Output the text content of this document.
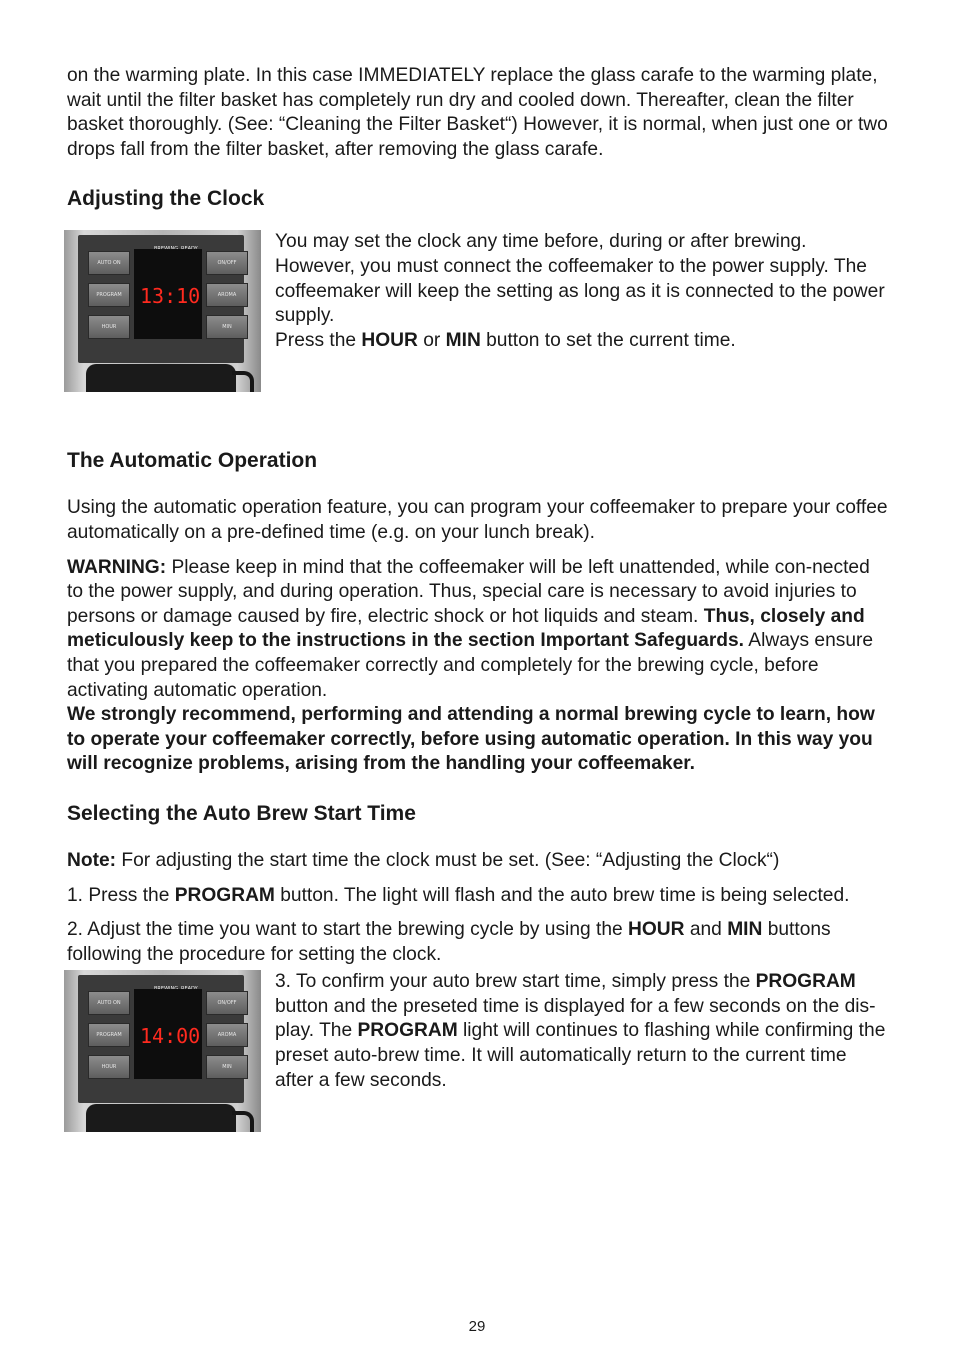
on the warming plate. In this case IMMEDIATELY replace the glass carafe to the warming plate, wait until the filter basket has completely run dry and cooled down. Thereafter, clean the filter basket thoroughly. (See: “Cleaning the Filter Basket“) However, it is normal, when just one or two drops fall from the filter basket, after removing the glass carafe.

Adjusting the Clock
13:10
AUTO ON
PROGRAM
HOUR
ON/OFF
AROMA
MIN

You may set the clock any time before, during or after brewing. However, you must connect the coffeemaker to the power supply. The coffeemaker will keep the setting as long as it is connected to the power supply.

Press the HOUR or MIN button to set the current time.

The Automatic Operation

Using the automatic operation feature, you can program your coffeemaker to prepare your coffee automatically on a pre-defined time (e.g. on your lunch break).

WARNING: Please keep in mind that the coffeemaker will be left unattended, while con-nected to the power supply, and during operation. Thus, special care is necessary to avoid injuries to persons or damage caused by fire, electric shock or hot liquids and steam. Thus, closely and meticulously keep to the instructions in the section Important Safeguards. Always ensure that you prepared the coffeemaker correctly and completely for the brewing cycle, before activating automatic operation.

We strongly recommend, performing and attending a normal brewing cycle to learn, how to operate your coffeemaker correctly, before using automatic operation. In this way you will recognize problems, arising from the handling your coffeemaker.

Selecting the Auto Brew Start Time

Note: For adjusting the start time the clock must be set. (See: “Adjusting the Clock“)

1. Press the PROGRAM button. The light will flash and the auto brew time is being selected.

2. Adjust the time you want to start the brewing cycle by using the HOUR and MIN buttons following the procedure for setting the clock.

14:00
AUTO ON
PROGRAM
HOUR
ON/OFF
AROMA
MIN

3. To confirm your auto brew start time, simply press the PROGRAM button and the preseted time is displayed for a few seconds on the dis-play. The PROGRAM light will continues to flashing while confirming the preset auto-brew time. It will automatically return to the current time after a few seconds.

29
